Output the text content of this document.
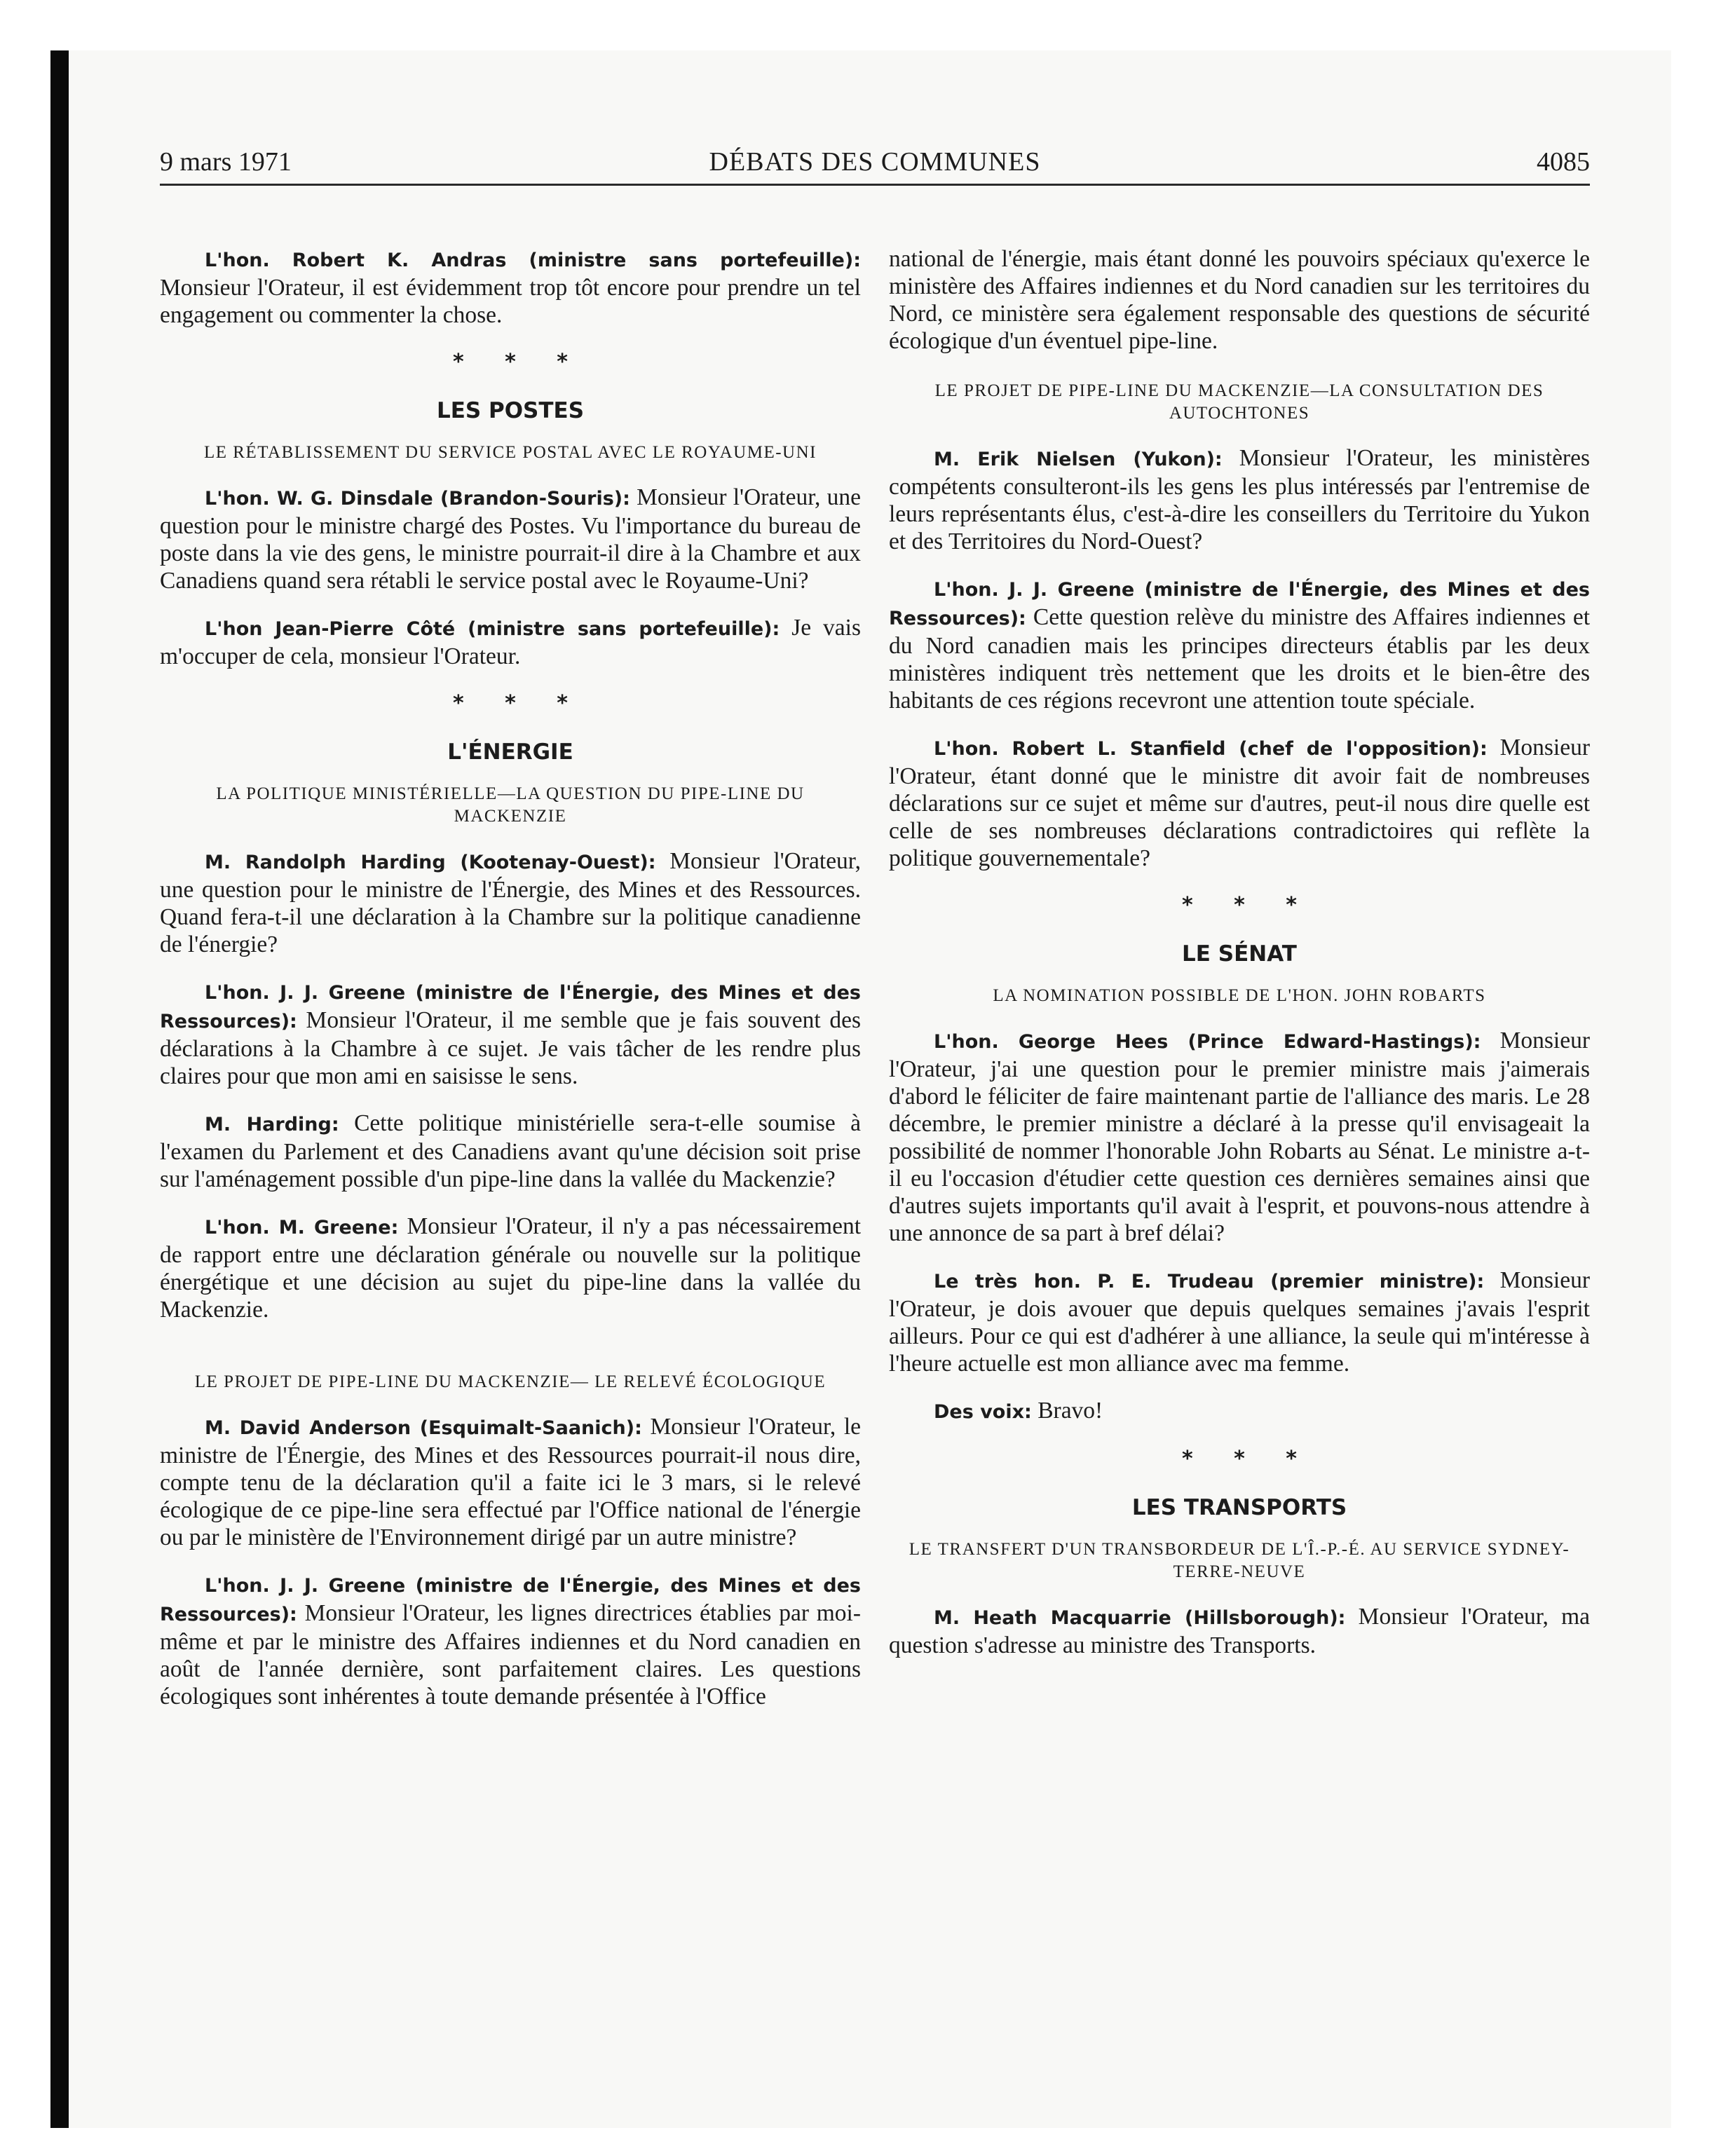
9 mars 1971	DÉBATS DES COMMUNES	4085

L'hon. Robert K. Andras (ministre sans portefeuille): Monsieur l'Orateur, il est évidemment trop tôt encore pour prendre un tel engagement ou commenter la chose.

* * *
LES POSTES
LE RÉTABLISSEMENT DU SERVICE POSTAL AVEC LE ROYAUME-UNI

L'hon. W. G. Dinsdale (Brandon-Souris): Monsieur l'Orateur, une question pour le ministre chargé des Postes. Vu l'importance du bureau de poste dans la vie des gens, le ministre pourrait-il dire à la Chambre et aux Canadiens quand sera rétabli le service postal avec le Royaume-Uni?

L'hon Jean-Pierre Côté (ministre sans portefeuille): Je vais m'occuper de cela, monsieur l'Orateur.

* * *
L'ÉNERGIE
LA POLITIQUE MINISTÉRIELLE—LA QUESTION DU PIPE-LINE DU MACKENZIE

M. Randolph Harding (Kootenay-Ouest): Monsieur l'Orateur, une question pour le ministre de l'Énergie, des Mines et des Ressources. Quand fera-t-il une déclaration à la Chambre sur la politique canadienne de l'énergie?

L'hon. J. J. Greene (ministre de l'Énergie, des Mines et des Ressources): Monsieur l'Orateur, il me semble que je fais souvent des déclarations à la Chambre à ce sujet. Je vais tâcher de les rendre plus claires pour que mon ami en saisisse le sens.

M. Harding: Cette politique ministérielle sera-t-elle soumise à l'examen du Parlement et des Canadiens avant qu'une décision soit prise sur l'aménagement possible d'un pipe-line dans la vallée du Mackenzie?

L'hon. M. Greene: Monsieur l'Orateur, il n'y a pas nécessairement de rapport entre une déclaration générale ou nouvelle sur la politique énergétique et une décision au sujet du pipe-line dans la vallée du Mackenzie.

LE PROJET DE PIPE-LINE DU MACKENZIE— LE RELEVÉ ÉCOLOGIQUE

M. David Anderson (Esquimalt-Saanich): Monsieur l'Orateur, le ministre de l'Énergie, des Mines et des Ressources pourrait-il nous dire, compte tenu de la déclaration qu'il a faite ici le 3 mars, si le relevé écologique de ce pipe-line sera effectué par l'Office national de l'énergie ou par le ministère de l'Environnement dirigé par un autre ministre?

L'hon. J. J. Greene (ministre de l'Énergie, des Mines et des Ressources): Monsieur l'Orateur, les lignes directrices établies par moi-même et par le ministre des Affaires indiennes et du Nord canadien en août de l'année dernière, sont parfaitement claires. Les questions écologiques sont inhérentes à toute demande présentée à l'Office

national de l'énergie, mais étant donné les pouvoirs spéciaux qu'exerce le ministère des Affaires indiennes et du Nord canadien sur les territoires du Nord, ce ministère sera également responsable des questions de sécurité écologique d'un éventuel pipe-line.

LE PROJET DE PIPE-LINE DU MACKENZIE—LA CONSULTATION DES AUTOCHTONES

M. Erik Nielsen (Yukon): Monsieur l'Orateur, les ministères compétents consulteront-ils les gens les plus intéressés par l'entremise de leurs représentants élus, c'est-à-dire les conseillers du Territoire du Yukon et des Territoires du Nord-Ouest?

L'hon. J. J. Greene (ministre de l'Énergie, des Mines et des Ressources): Cette question relève du ministre des Affaires indiennes et du Nord canadien mais les principes directeurs établis par les deux ministères indiquent très nettement que les droits et le bien-être des habitants de ces régions recevront une attention toute spéciale.

L'hon. Robert L. Stanfield (chef de l'opposition): Monsieur l'Orateur, étant donné que le ministre dit avoir fait de nombreuses déclarations sur ce sujet et même sur d'autres, peut-il nous dire quelle est celle de ses nombreuses déclarations contradictoires qui reflète la politique gouvernementale?

* * *
LE SÉNAT
LA NOMINATION POSSIBLE DE L'HON. JOHN ROBARTS

L'hon. George Hees (Prince Edward-Hastings): Monsieur l'Orateur, j'ai une question pour le premier ministre mais j'aimerais d'abord le féliciter de faire maintenant partie de l'alliance des maris. Le 28 décembre, le premier ministre a déclaré à la presse qu'il envisageait la possibilité de nommer l'honorable John Robarts au Sénat. Le ministre a-t-il eu l'occasion d'étudier cette question ces dernières semaines ainsi que d'autres sujets importants qu'il avait à l'esprit, et pouvons-nous attendre à une annonce de sa part à bref délai?

Le très hon. P. E. Trudeau (premier ministre): Monsieur l'Orateur, je dois avouer que depuis quelques semaines j'avais l'esprit ailleurs. Pour ce qui est d'adhérer à une alliance, la seule qui m'intéresse à l'heure actuelle est mon alliance avec ma femme.

Des voix: Bravo!

* * *
LES TRANSPORTS
LE TRANSFERT D'UN TRANSBORDEUR DE L'Î.-P.-É. AU SERVICE SYDNEY-TERRE-NEUVE

M. Heath Macquarrie (Hillsborough): Monsieur l'Orateur, ma question s'adresse au ministre des Transports.
